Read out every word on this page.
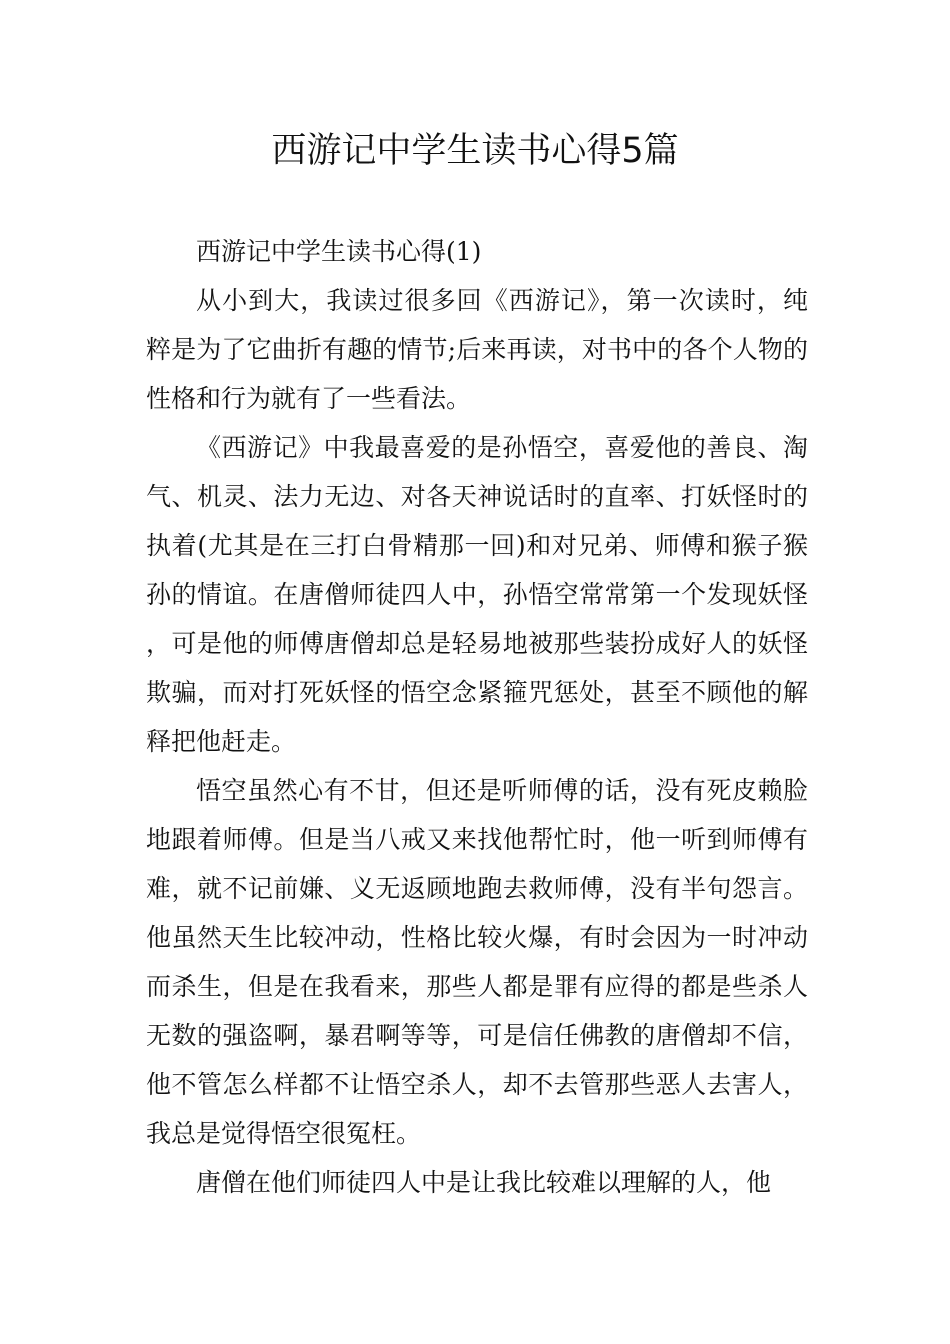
西游记中学生读书心得5篇

西游记中学生读书心得(1)

从小到大，我读过很多回《西游记》，第一次读时，纯粹是为了它曲折有趣的情节;后来再读，对书中的各个人物的性格和行为就有了一些看法。

《西游记》中我最喜爱的是孙悟空，喜爱他的善良、淘气、机灵、法力无边、对各天神说话时的直率、打妖怪时的执着(尤其是在三打白骨精那一回)和对兄弟、师傅和猴子猴孙的情谊。在唐僧师徒四人中，孙悟空常常第一个发现妖怪，可是他的师傅唐僧却总是轻易地被那些装扮成好人的妖怪欺骗，而对打死妖怪的悟空念紧箍咒惩处，甚至不顾他的解释把他赶走。

悟空虽然心有不甘，但还是听师傅的话，没有死皮赖脸地跟着师傅。但是当八戒又来找他帮忙时，他一听到师傅有难，就不记前嫌、义无返顾地跑去救师傅，没有半句怨言。他虽然天生比较冲动，性格比较火爆，有时会因为一时冲动而杀生，但是在我看来，那些人都是罪有应得的都是些杀人无数的强盗啊，暴君啊等等，可是信任佛教的唐僧却不信，他不管怎么样都不让悟空杀人，却不去管那些恶人去害人，我总是觉得悟空很冤枉。

唐僧在他们师徒四人中是让我比较难以理解的人，他
